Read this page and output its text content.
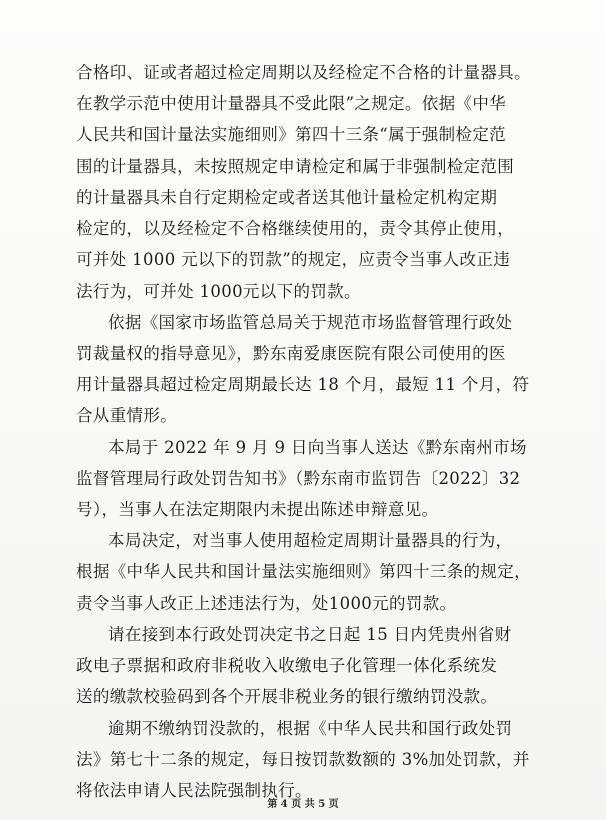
合格印、证或者超过检定周期以及经检定不合格的计量器具。
在教学示范中使用计量器具不受此限”之规定。依据《中华
人民共和国计量法实施细则》第四十三条“属于强制检定范
围的计量器具，未按照规定申请检定和属于非强制检定范围
的计量器具未自行定期检定或者送其他计量检定机构定期
检定的，以及经检定不合格继续使用的，责令其停止使用，
可并处 1000 元以下的罚款”的规定，应责令当事人改正违
法行为，可并处 1000元以下的罚款。
依据《国家市场监管总局关于规范市场监督管理行政处
罚裁量权的指导意见》，黔东南爱康医院有限公司使用的医
用计量器具超过检定周期最长达 18 个月，最短 11 个月，符
合从重情形。
本局于 2022 年 9 月 9 日向当事人送达《黔东南州市场
监督管理局行政处罚告知书》（黔东南市监罚告〔2022〕32
号），当事人在法定期限内未提出陈述申辩意见。
本局决定，对当事人使用超检定周期计量器具的行为，
根据《中华人民共和国计量法实施细则》第四十三条的规定，
责令当事人改正上述违法行为，处1000元的罚款。
请在接到本行政处罚决定书之日起 15 日内凭贵州省财
政电子票据和政府非税收入收缴电子化管理一体化系统发
送的缴款校验码到各个开展非税业务的银行缴纳罚没款。
逾期不缴纳罚没款的，根据《中华人民共和国行政处罚
法》第七十二条的规定，每日按罚款数额的 3%加处罚款，并
将依法申请人民法院强制执行。
第 4 页 共 5 页
